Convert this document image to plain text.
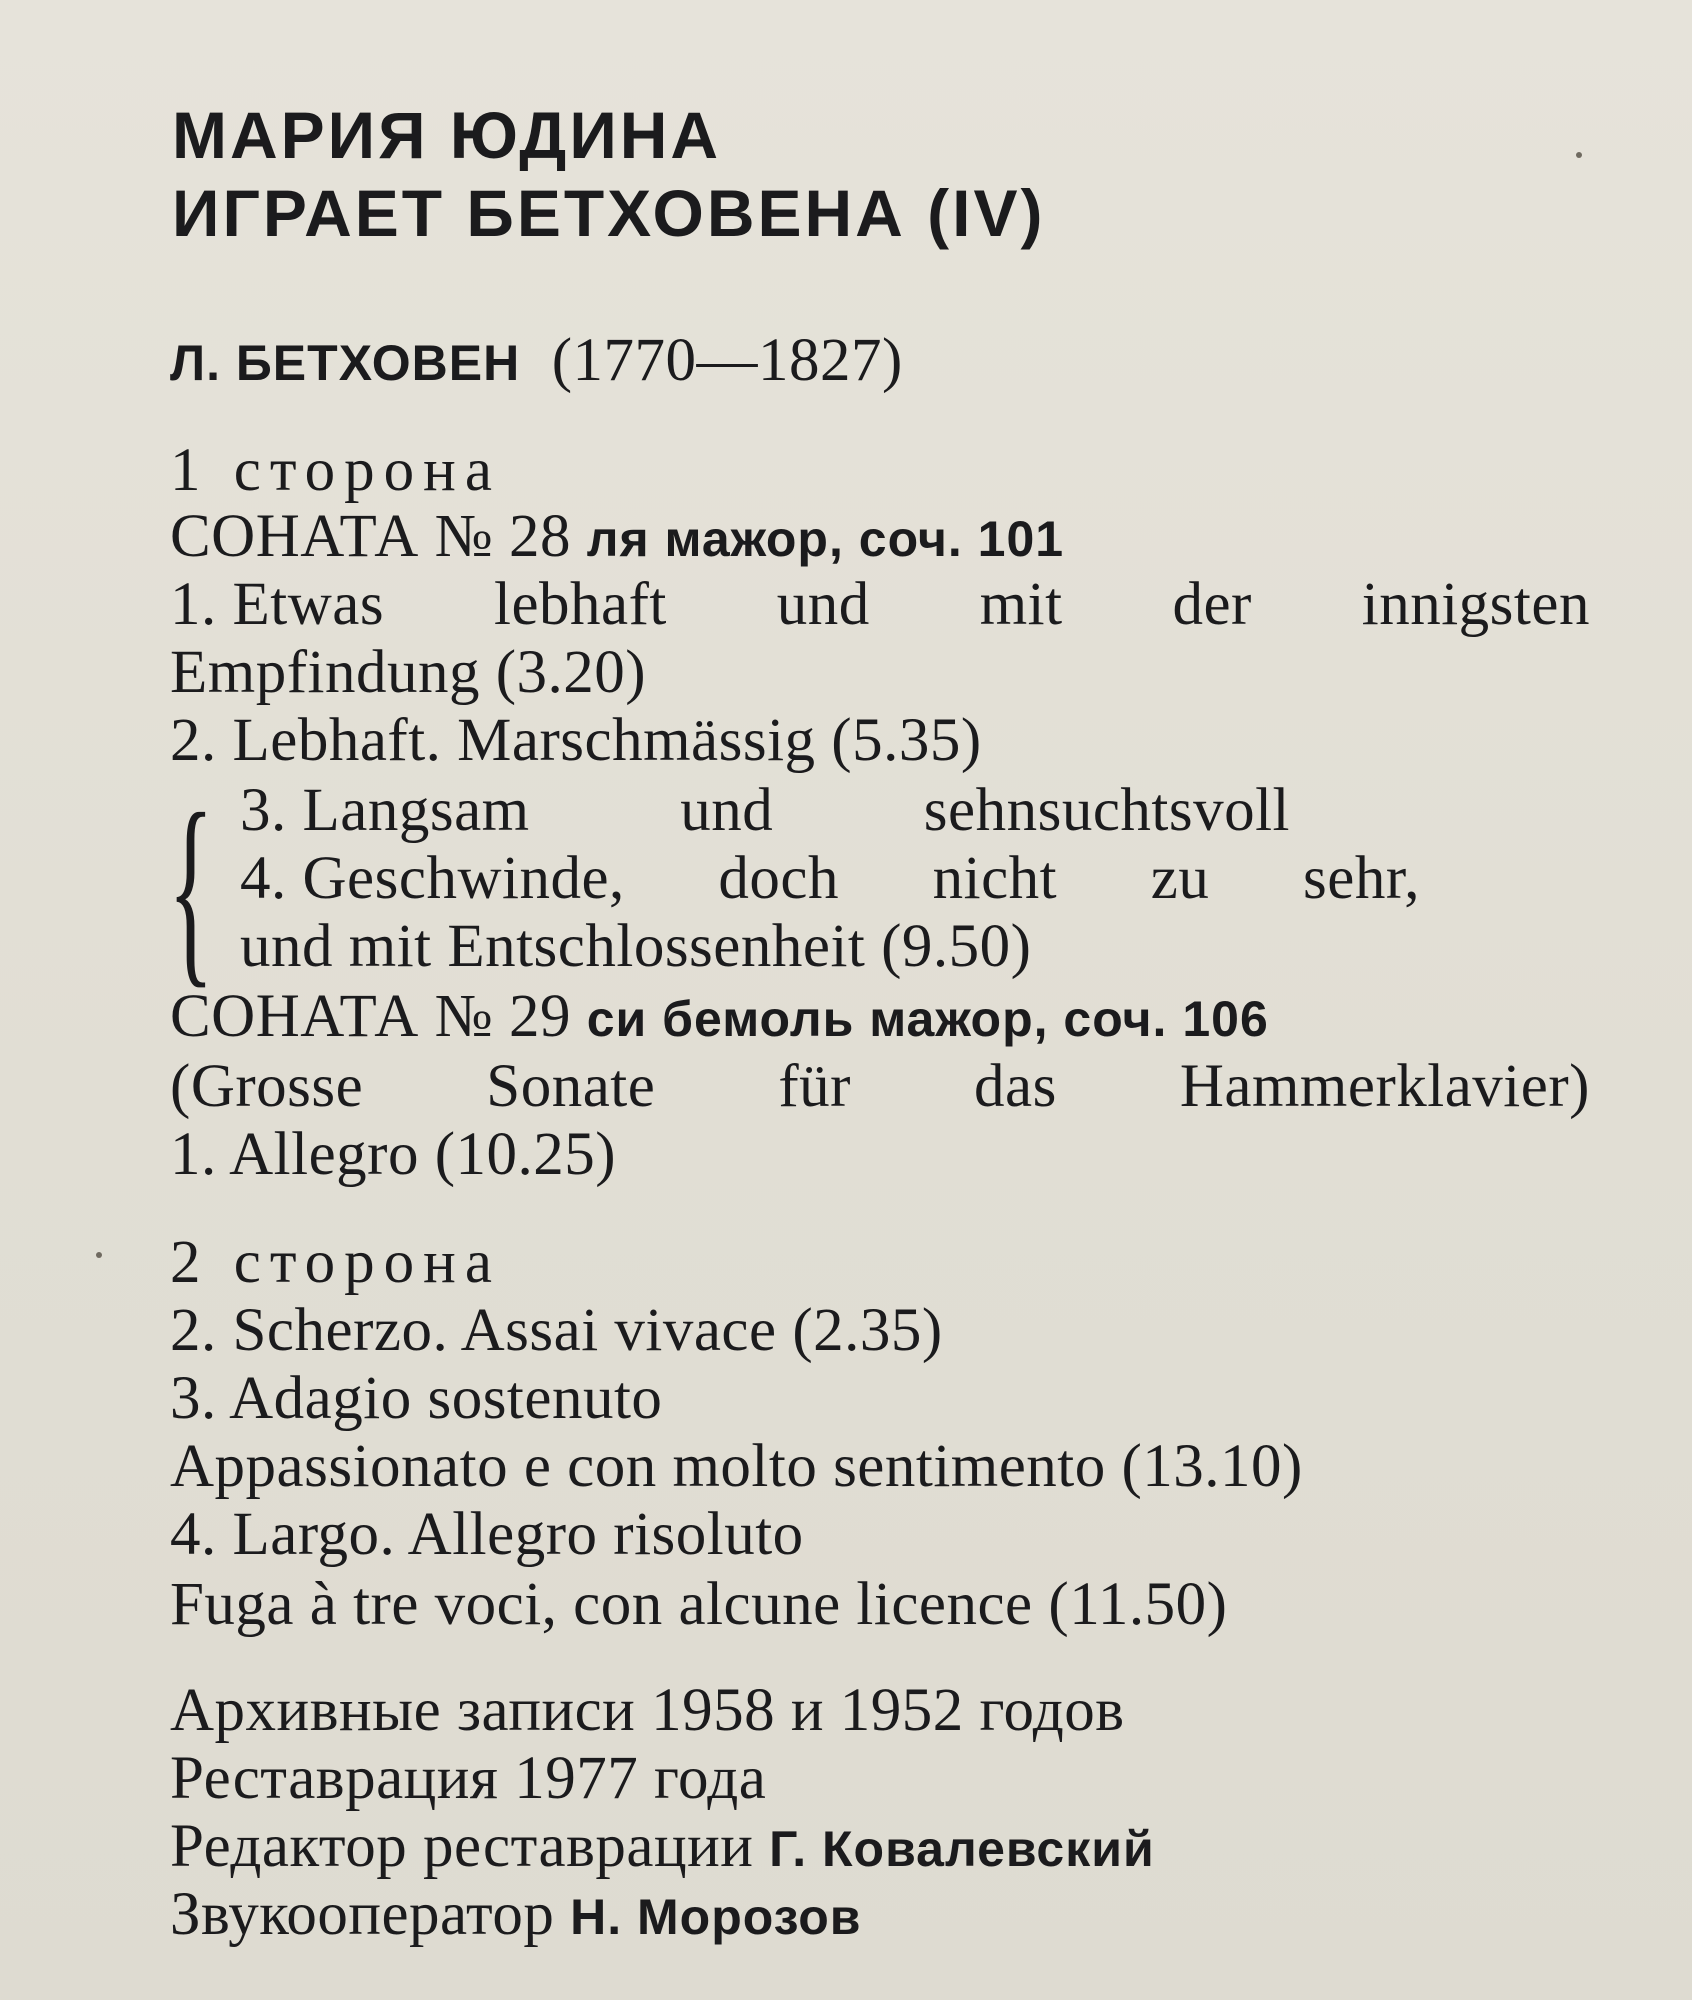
МАРИЯ ЮДИНА
ИГРАЕТ БЕТХОВЕНА (IV)
Л. БЕТХОВЕН (1770—1827)
1 сторона
СОНАТА № 28 ля мажор, соч. 101
1. Etwas lebhaft und mit der innigsten
Empfindung (3.20)
2. Lebhaft. Marschmässig (5.35)
{ 3. Langsam und sehnsuchtsvoll
4. Geschwinde, doch nicht zu sehr,
und mit Entschlossenheit (9.50)
СОНАТА № 29 си бемоль мажор, соч. 106
(Grosse Sonate für das Hammerklavier)
1. Allegro (10.25)
2 сторона
2. Scherzo. Assai vivace (2.35)
3. Adagio sostenuto
Appassionato e con molto sentimento (13.10)
4. Largo. Allegro risoluto
Fuga à tre voci, con alcune licence (11.50)
Архивные записи 1958 и 1952 годов
Реставрация 1977 года
Редактор реставрации Г. Ковалевский
Звукооператор Н. Морозов
